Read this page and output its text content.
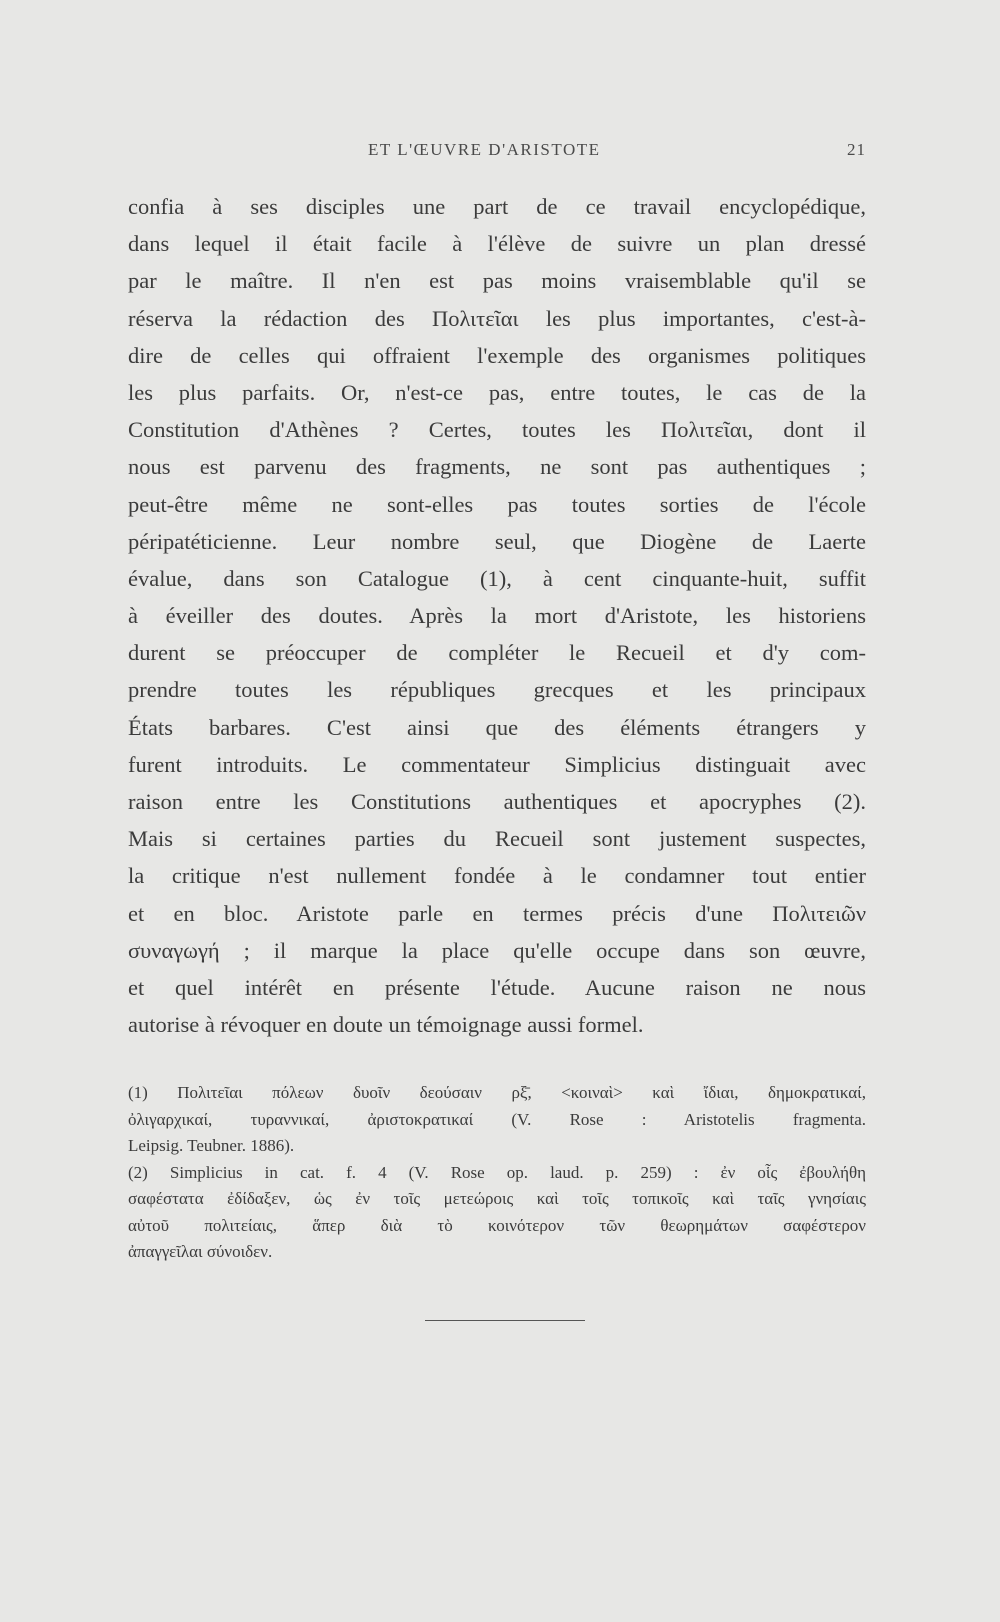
ET L'ŒUVRE D'ARISTOTE	21
confia à ses disciples une part de ce travail encyclopédique,
dans lequel il était facile à l'élève de suivre un plan dressé
par le maître. Il n'en est pas moins vraisemblable qu'il se
réserva la rédaction des Πολιτεῖαι les plus importantes, c'est-à-
dire de celles qui offraient l'exemple des organismes politiques
les plus parfaits. Or, n'est-ce pas, entre toutes, le cas de la
Constitution d'Athènes ? Certes, toutes les Πολιτεῖαι, dont il
nous est parvenu des fragments, ne sont pas authentiques ;
peut-être même ne sont-elles pas toutes sorties de l'école
péripatéticienne. Leur nombre seul, que Diogène de Laerte
évalue, dans son Catalogue (1), à cent cinquante-huit, suffit
à éveiller des doutes. Après la mort d'Aristote, les historiens
durent se préoccuper de compléter le Recueil et d'y com-
prendre toutes les républiques grecques et les principaux
États barbares. C'est ainsi que des éléments étrangers y
furent introduits. Le commentateur Simplicius distinguait avec
raison entre les Constitutions authentiques et apocryphes (2).
Mais si certaines parties du Recueil sont justement suspectes,
la critique n'est nullement fondée à le condamner tout entier
et en bloc. Aristote parle en termes précis d'une Πολιτειῶν
συναγωγή ; il marque la place qu'elle occupe dans son œuvre,
et quel intérêt en présente l'étude. Aucune raison ne nous
autorise à révoquer en doute un témoignage aussi formel.
(1) Πολιτεῖαι πόλεων δυοῖν δεούσαιν ρξ̄, <κοιναὶ> καὶ ἴδιαι, δημοκρατικαί,
ὀλιγαρχικαί, τυραννικαί, ἀριστοκρατικαί (V. Rose : Aristotelis fragmenta.
Leipsig. Teubner. 1886).
(2) Simplicius in cat. f. 4 (V. Rose op. laud. p. 259) : ἐν οἷς ἐβουλήθη
σαφέστατα ἐδίδαξεν, ὡς ἐν τοῖς μετεώροις καὶ τοῖς τοπικοῖς καὶ ταῖς γνησίαις
αὐτοῦ πολιτείαις, ἅπερ διὰ τὸ κοινότερον τῶν θεωρημάτων σαφέστερον
ἀπαγγεῖλαι σύνοιδεν.
